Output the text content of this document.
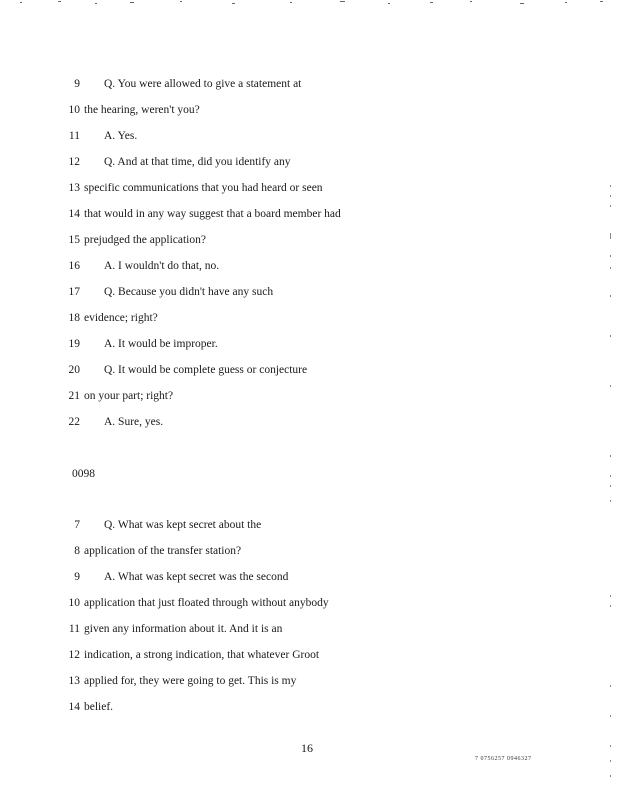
9 Q. You were allowed to give a statement at
10 the hearing, weren't you?
11 A. Yes.
12 Q. And at that time, did you identify any
13 specific communications that you had heard or seen
14 that would in any way suggest that a board member had
15 prejudged the application?
16 A. I wouldn't do that, no.
17 Q. Because you didn't have any such
18 evidence; right?
19 A. It would be improper.
20 Q. It would be complete guess or conjecture
21 on your part; right?
22 A. Sure, yes.
0098
7 Q. What was kept secret about the
8 application of the transfer station?
9 A. What was kept secret was the second
10 application that just floated through without anybody
11 given any information about it. And it is an
12 indication, a strong indication, that whatever Groot
13 applied for, they were going to get. This is my
14 belief.
16
7 0756257 0946327
